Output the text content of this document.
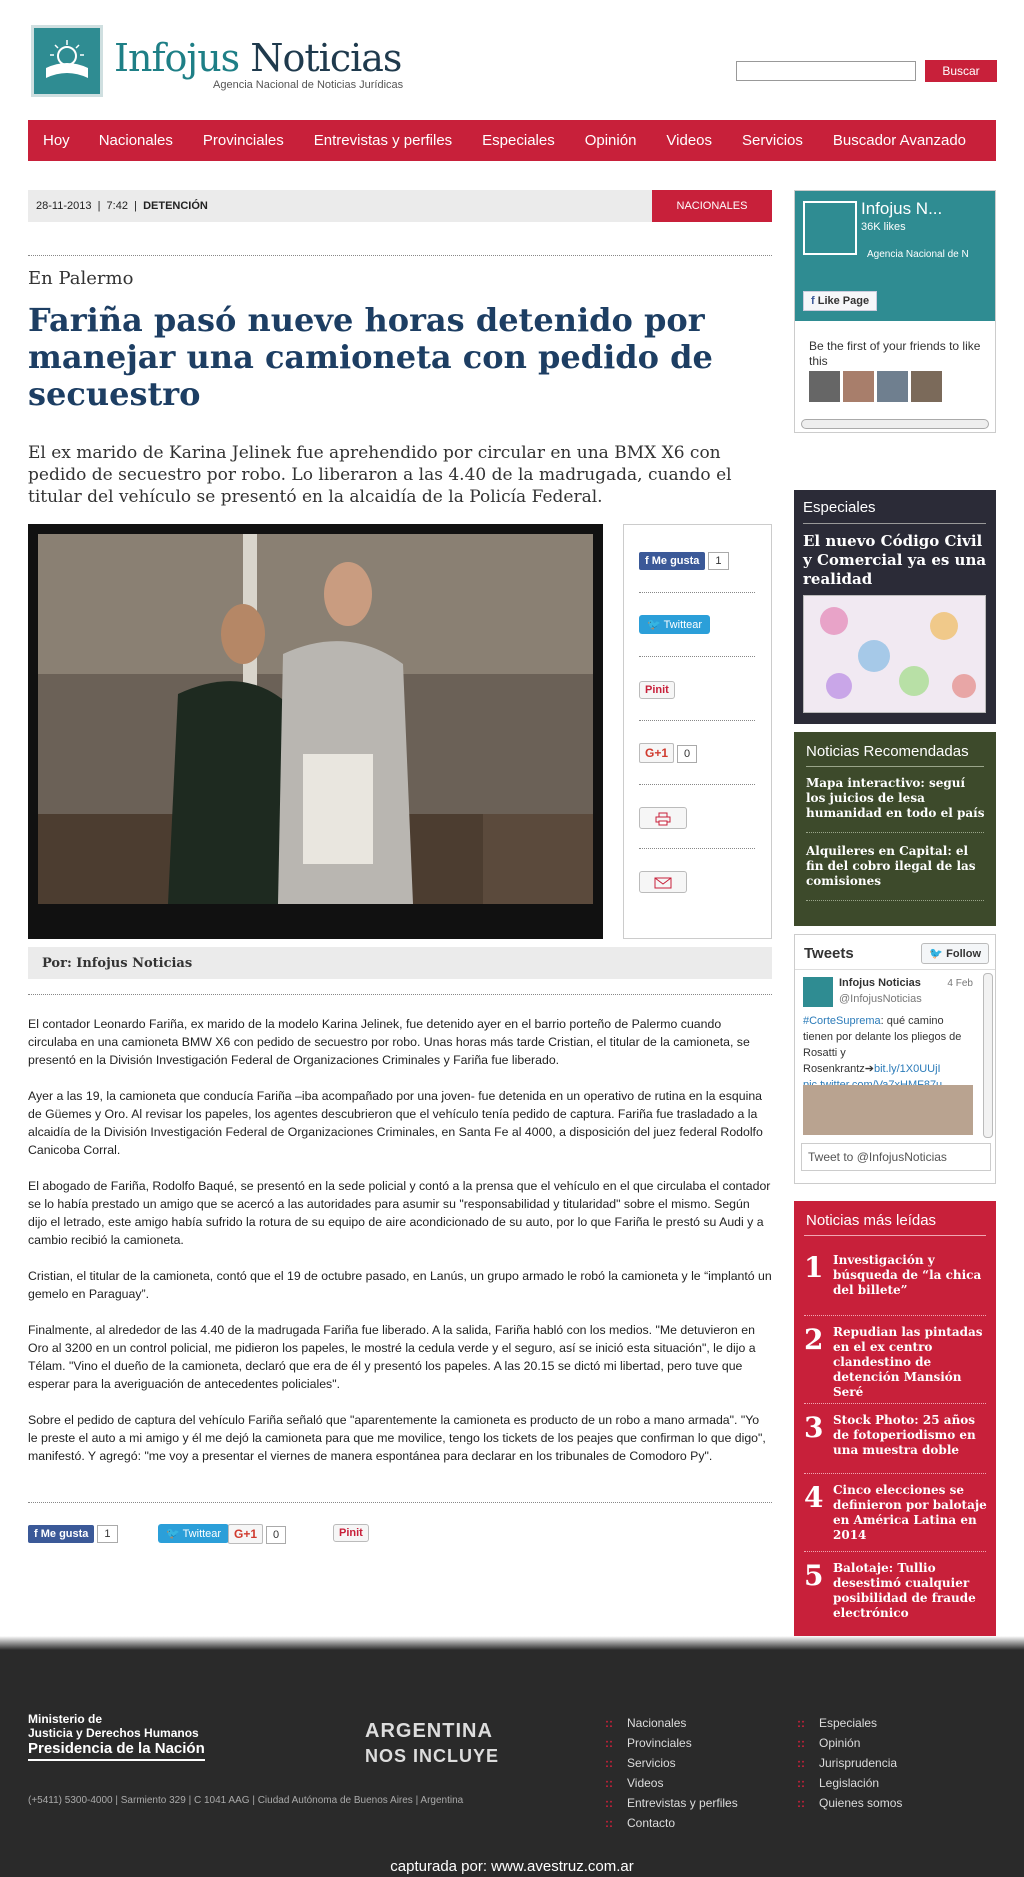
Infojus Noticias
Agencia Nacional de Noticias Jurídicas
Buscar
Hoy Nacionales Provinciales Entrevistas y perfiles Especiales Opinión Videos Servicios Buscador Avanzado
28-11-2013  |  7:42  |  DETENCIÓN	NACIONALES
En Palermo
Fariña pasó nueve horas detenido por manejar una camioneta con pedido de secuestro
El ex marido de Karina Jelinek fue aprehendido por circular en una BMX X6 con pedido de secuestro por robo. Lo liberaron a las 4.40 de la madrugada, cuando el titular del vehículo se presentó en la alcaidía de la Policía Federal.
f Me gusta 1
🐦 Twittear
Pinit
G+1 0
Por: Infojus Noticias

El contador Leonardo Fariña, ex marido de la modelo Karina Jelinek, fue detenido ayer en el barrio porteño de Palermo cuando circulaba en una camioneta BMW X6 con pedido de secuestro por robo. Unas horas más tarde Cristian, el titular de la camioneta, se presentó en la División Investigación Federal de Organizaciones Criminales y Fariña fue liberado.

Ayer a las 19, la camioneta que conducía Fariña –iba acompañado por una joven- fue detenida en un operativo de rutina en la esquina de Güemes y Oro. Al revisar los papeles, los agentes descubrieron que el vehículo tenía pedido de captura. Fariña fue trasladado a la alcaidía de la División Investigación Federal de Organizaciones Criminales, en Santa Fe al 4000, a disposición del juez federal Rodolfo Canicoba Corral.

El abogado de Fariña, Rodolfo Baqué, se presentó en la sede policial y contó a la prensa que el vehículo en el que circulaba el contador se lo había prestado un amigo que se acercó a las autoridades para asumir su "responsabilidad y titularidad" sobre el mismo. Según dijo el letrado, este amigo había sufrido la rotura de su equipo de aire acondicionado de su auto, por lo que Fariña le prestó su Audi y a cambio recibió la camioneta.

Cristian, el titular de la camioneta, contó que el 19 de octubre pasado, en Lanús, un grupo armado le robó la camioneta y le “implantó un gemelo en Paraguay”.

Finalmente, al alrededor de las 4.40 de la madrugada Fariña fue liberado. A la salida, Fariña habló con los medios. "Me detuvieron en Oro al 3200 en un control policial, me pidieron los papeles, le mostré la cedula verde y el seguro, así se inició esta situación", le dijo a Télam. "Vino el dueño de la camioneta, declaró que era de él y presentó los papeles. A las 20.15 se dictó mi libertad, pero tuve que esperar para la averiguación de antecedentes policiales".

Sobre el pedido de captura del vehículo Fariña señaló que "aparentemente la camioneta es producto de un robo a mano armada". "Yo le preste el auto a mi amigo y él me dejó la camioneta para que me movilice, tengo los tickets de los peajes que confirman lo que digo", manifestó. Y agregó: "me voy a presentar el viernes de manera espontánea para declarar en los tribunales de Comodoro Py".

f Me gusta 1	🐦 Twittear	G+1 0	Pinit
Infojus N...
36K likes
Agencia Nacional de N
f Like Page
Be the first of your friends to like this
Especiales
El nuevo Código Civil y Comercial ya es una realidad
Noticias Recomendadas
Mapa interactivo: seguí los juicios de lesa humanidad en todo el país
Alquileres en Capital: el fin del cobro ilegal de las comisiones
Tweets	🐦 Follow
Infojus Noticias	4 Feb
@InfojusNoticias
#CorteSuprema: qué camino tienen por delante los pliegos de Rosatti y Rosenkrantz➔bit.ly/1X0UUjI
Tweet to @InfojusNoticias
Noticias más leídas
1 Investigación y búsqueda de “la chica del billete”
2 Repudian las pintadas en el ex centro clandestino de detención Mansión Seré
3 Stock Photo: 25 años de fotoperiodismo en una muestra doble
4 Cinco elecciones se definieron por balotaje en América Latina en 2014
5 Balotaje: Tullio desestimó cualquier posibilidad de fraude electrónico
Ministerio de
Justicia y Derechos Humanos
Presidencia de la Nación
ARGENTINA
NOS INCLUYE
(+5411) 5300-4000 | Sarmiento 329 | C 1041 AAG | Ciudad Autónoma de Buenos Aires | Argentina
:: Nacionales
:: Provinciales
:: Servicios
:: Videos
:: Entrevistas y perfiles
:: Contacto
:: Especiales
:: Opinión
:: Jurisprudencia
:: Legislación
:: Quienes somos
capturada por: www.avestruz.com.ar
